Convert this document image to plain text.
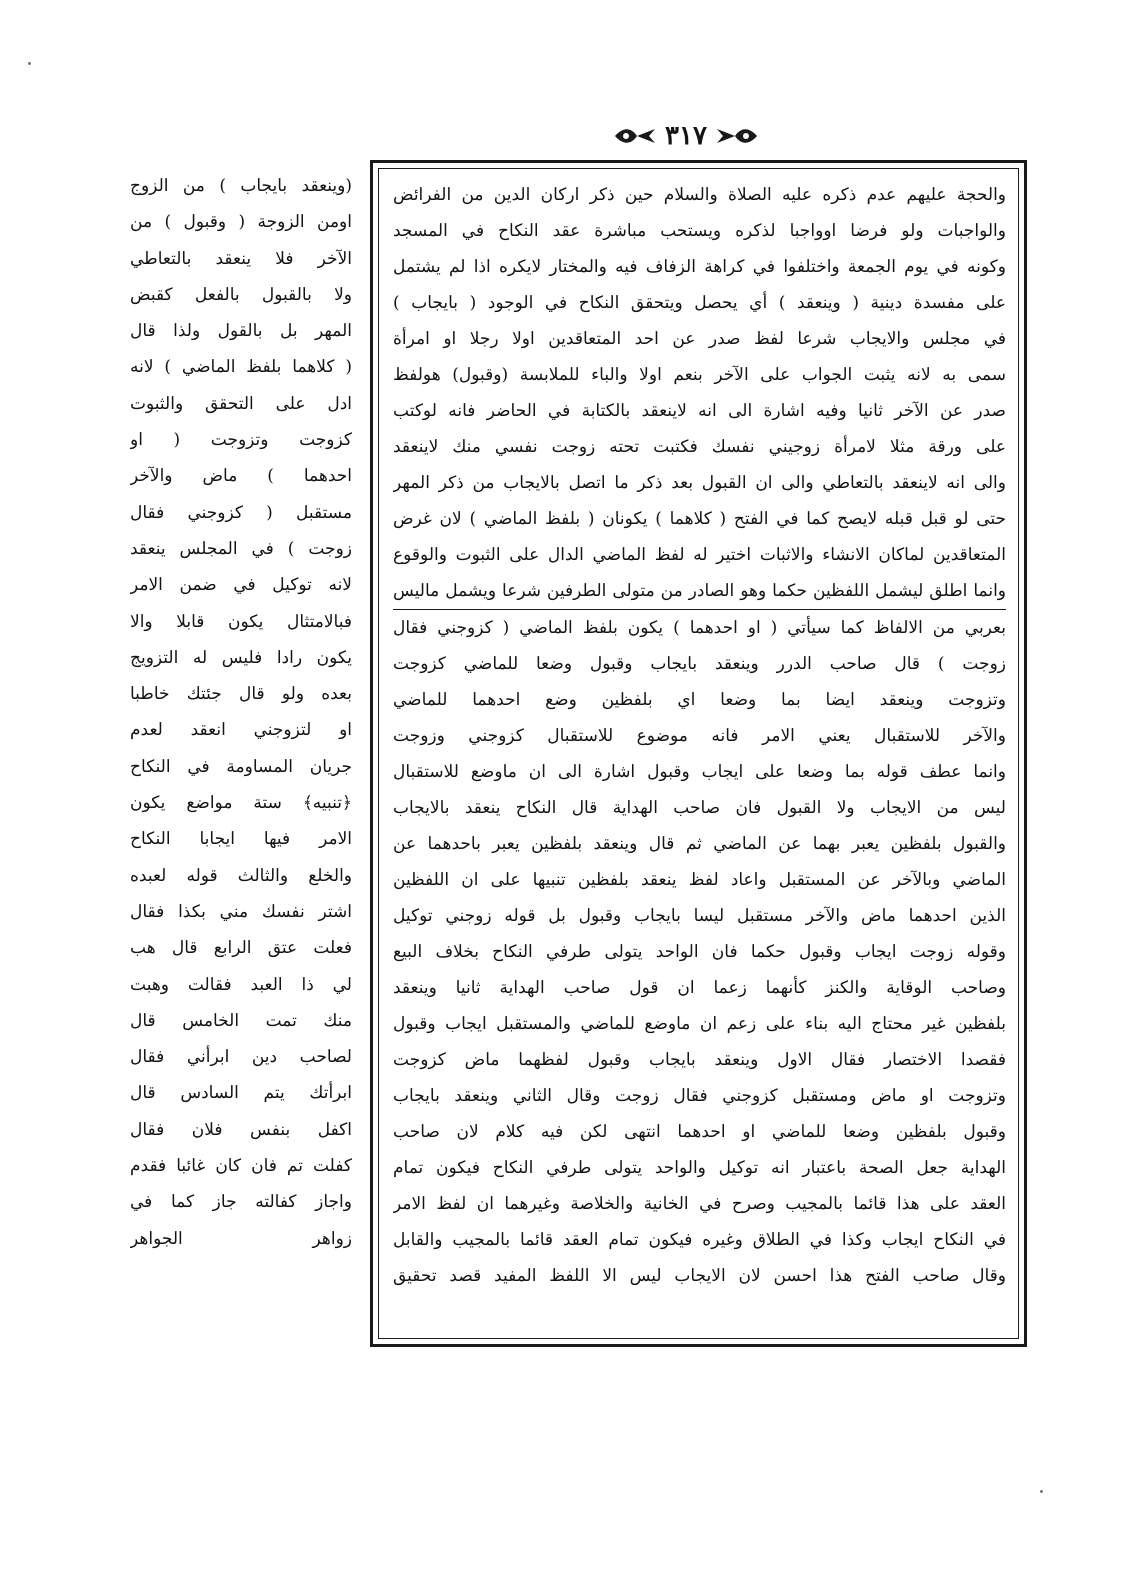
٣١٧
والحجة عليهم عدم ذكره عليه الصلاة والسلام حين ذكر اركان الدين من الفرائض
والواجبات ولو فرضا اوواجبا لذكره ويستحب مباشرة عقد النكاح في المسجد
وكونه في يوم الجمعة واختلفوا في كراهة الزفاف فيه والمختار لايكره اذا لم يشتمل
على مفسدة دينية ( وينعقد ) أي يحصل ويتحقق النكاح في الوجود ( بايجاب )
في مجلس والايجاب شرعا لفظ صدر عن احد المتعاقدين اولا رجلا او امرأة
سمى به لانه يثبت الجواب على الآخر بنعم اولا والباء للملابسة (وقبول) هولفظ
صدر عن الآخر ثانيا وفيه اشارة الى انه لاينعقد بالكتابة في الحاضر فانه لوكتب
على ورقة مثلا لامرأة زوجيني نفسك فكتبت تحته زوجت نفسي منك لاينعقد
والى انه لاينعقد بالتعاطي والى ان القبول بعد ذكر ما اتصل بالايجاب من ذكر المهر
حتى لو قبل قبله لايصح كما في الفتح ( كلاهما ) يكونان ( بلفظ الماضي ) لان غرض
المتعاقدين لماكان الانشاء والاثبات اختير له لفظ الماضي الدال على الثبوت والوقوع
وانما اطلق ليشمل اللفظين حكما وهو الصادر من متولى الطرفين شرعا ويشمل ماليس
بعربي من الالفاظ كما سيأتي ( او احدهما ) يكون بلفظ الماضي ( كزوجني فقال
زوجت ) قال صاحب الدرر وينعقد بايجاب وقبول وضعا للماضي كزوجت
وتزوجت وينعقد ايضا بما وضعا اي بلفظين وضع احدهما للماضي
والآخر للاستقبال يعني الامر فانه موضوع للاستقبال كزوجني وزوجت
وانما عطف قوله بما وضعا على ايجاب وقبول اشارة الى ان ماوضع للاستقبال
ليس من الايجاب ولا القبول فان صاحب الهداية قال النكاح ينعقد بالايجاب
والقبول بلفظين يعبر بهما عن الماضي ثم قال وينعقد بلفظين يعبر باحدهما عن
الماضي وبالآخر عن المستقبل واعاد لفظ ينعقد بلفظين تنبيها على ان اللفظين
الذين احدهما ماض والآخر مستقبل ليسا بايجاب وقبول بل قوله زوجني توكيل
وقوله زوجت ايجاب وقبول حكما فان الواحد يتولى طرفي النكاح بخلاف البيع
وصاحب الوقاية والكنز كأنهما زعما ان قول صاحب الهداية ثانيا وينعقد
بلفظين غير محتاج اليه بناء على زعم ان ماوضع للماضي والمستقبل ايجاب وقبول
فقصدا الاختصار فقال الاول وينعقد بايجاب وقبول لفظهما ماض كزوجت
وتزوجت او ماض ومستقبل كزوجني فقال زوجت وقال الثاني وينعقد بايجاب
وقبول بلفظين وضعا للماضي او احدهما انتهى لكن فيه كلام لان صاحب
الهداية جعل الصحة باعتبار انه توكيل والواحد يتولى طرفي النكاح فيكون تمام
العقد على هذا قائما بالمجيب وصرح في الخانية والخلاصة وغيرهما ان لفظ الامر
في النكاح ايجاب وكذا في الطلاق وغيره فيكون تمام العقد قائما بالمجيب والقابل
وقال صاحب الفتح هذا احسن لان الايجاب ليس الا اللفظ المفيد قصد تحقيق
(وينعقد بايجاب ) من الزوج
اومن الزوجة ( وقبول ) من
الآخر فلا ينعقد بالتعاطي
ولا بالقبول بالفعل كقبض
المهر بل بالقول ولذا قال
( كلاهما بلفظ الماضي ) لانه
ادل على التحقق والثبوت
كزوجت وتزوجت ( او
احدهما ) ماض والآخر
مستقبل ( كزوجني فقال
زوجت ) في المجلس ينعقد
لانه توكيل في ضمن الامر
فبالامتثال يكون قابلا والا
يكون رادا فليس له التزويج
بعده ولو قال جئتك خاطبا
او لتزوجني انعقد لعدم
جريان المساومة في النكاح
﴿تنبيه﴾ ستة مواضع يكون
الامر فيها ايجابا النكاح
والخلع والثالث قوله لعبده
اشتر نفسك مني بكذا فقال
فعلت عتق الرابع قال هب
لي ذا العبد فقالت وهبت
منك تمت الخامس قال
لصاحب دين ابرأني فقال
ابرأتك يتم السادس قال
اكفل بنفس فلان فقال
كفلت تم فان كان غائبا فقدم
واجاز كفالته جاز كما في
زواهر الجواهر
